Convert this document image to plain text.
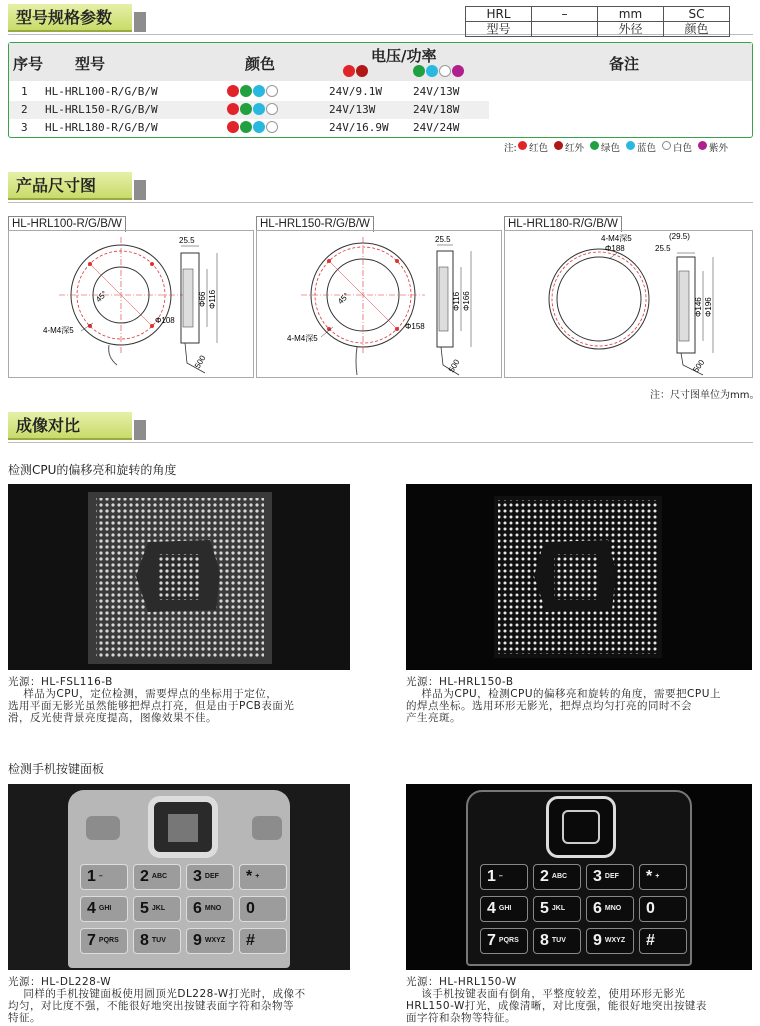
型号规格参数	HRL	–	mm	SC
型号		外径	颜色
序号 型号	颜色	电压/功率	备注
1 HL-HRL100-R/G/B/W	24V/9.1W	24V/13W
2 HL-HRL150-R/G/B/W	24V/13W	24V/18W
3 HL-HRL180-R/G/B/W	24V/16.9W 24V/24W
注: 红色 红外 绿色 蓝色 白色 紫外
产品尺寸图
HL-HRL100-R/G/B/W
45°
4-M4深5
Φ108
25.5
Φ66 Φ116
500
HL-HRL150-R/G/B/W
45°
4-M4深5
Φ158
25.5
Φ116 Φ166
500
HL-HRL180-R/G/B/W
4-M4深5
Φ188
(29.5)
25.5
Φ146 Φ196
500
注：尺寸图单位为mm。
成像对比
检测CPU的偏移亮和旋转的角度
光源：HL-FSL116-B
样品为CPU，定位检测，需要焊点的坐标用于定位，
选用平面无影光虽然能够把焊点打亮，但是由于PCB表面光
滑，反光使背景亮度提高，图像效果不佳。
光源：HL-HRL150-B
样品为CPU，检测CPU的偏移亮和旋转的角度，需要把CPU上
的焊点坐标。选用环形无影光，把焊点均匀打亮的同时不会
产生亮斑。
检测手机按键面板
1 –	2 ABC	3 DEF	* +
4 GHI	5 JKL	6 MNO	0
7 PQRS	8 TUV	9 WXYZ	#
1 –	2 ABC	3 DEF	* +
4 GHI	5 JKL	6 MNO	0
7 PQRS	8 TUV	9 WXYZ	#
光源：HL-DL228-W
同样的手机按键面板使用圆顶光DL228-W打光时，成像不
均匀，对比度不强，不能很好地突出按键表面字符和杂物等
特征。
光源：HL-HRL150-W
该手机按键表面有倒角，平整度较差，使用环形无影光
HRL150-W打光，成像清晰，对比度强，能很好地突出按键表
面字符和杂物等特征。
